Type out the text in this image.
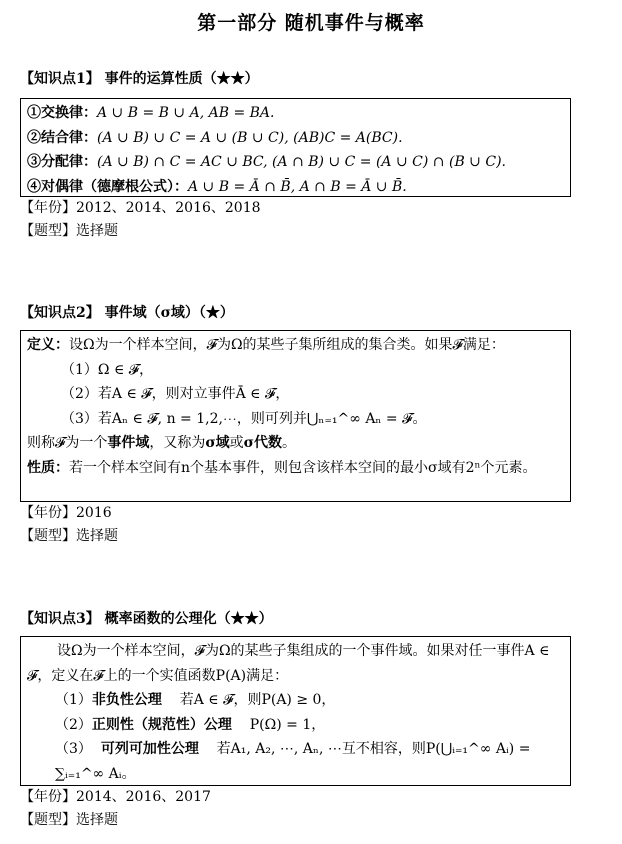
第一部分 随机事件与概率
【知识点1】 事件的运算性质（★★）
①交换律：A ∪ B = B ∪ A, AB = BA.
②结合律：(A ∪ B) ∪ C = A ∪ (B ∪ C), (AB)C = A(BC).
③分配律：(A ∪ B) ∩ C = AC ∪ BC, (A ∩ B) ∪ C = (A ∪ C) ∩ (B ∪ C).
④对偶律（德摩根公式）：A ∪ B = Ā ∩ B̄, A ∩ B = Ā ∪ B̄.
【年份】2012、2014、2016、2018
【题型】选择题
【知识点2】 事件域（σ域）（★）
定义：设Ω为一个样本空间，𝓕为Ω的某些子集所组成的集合类。如果𝓕满足：
（1）Ω ∈ 𝓕，
（2）若A ∈ 𝓕，则对立事件Ā ∈ 𝓕，
（3）若Aₙ ∈ 𝓕, n = 1,2,⋯，则可列并⋃ₙ₌₁^∞ Aₙ = 𝓕。
则称𝓕为一个事件域，又称为σ域或σ代数。
性质：若一个样本空间有n个基本事件，则包含该样本空间的最小σ域有2ⁿ个元素。
【年份】2016
【题型】选择题
【知识点3】 概率函数的公理化（★★）
设Ω为一个样本空间，𝓕为Ω的某些子集组成的一个事件域。如果对任一事件A ∈ 𝓕，定义在𝓕上的一个实值函数P(A)满足：
（1）非负性公理 若A ∈ 𝓕，则P(A) ≥ 0，
（2）正则性（规范性）公理 P(Ω) = 1，
（3） 可列可加性公理 若A₁, A₂, ⋯, Aₙ, ⋯互不相容，则P(⋃ᵢ₌₁^∞ Aᵢ) = ∑ᵢ₌₁^∞ Aᵢ。
【年份】2014、2016、2017
【题型】选择题
